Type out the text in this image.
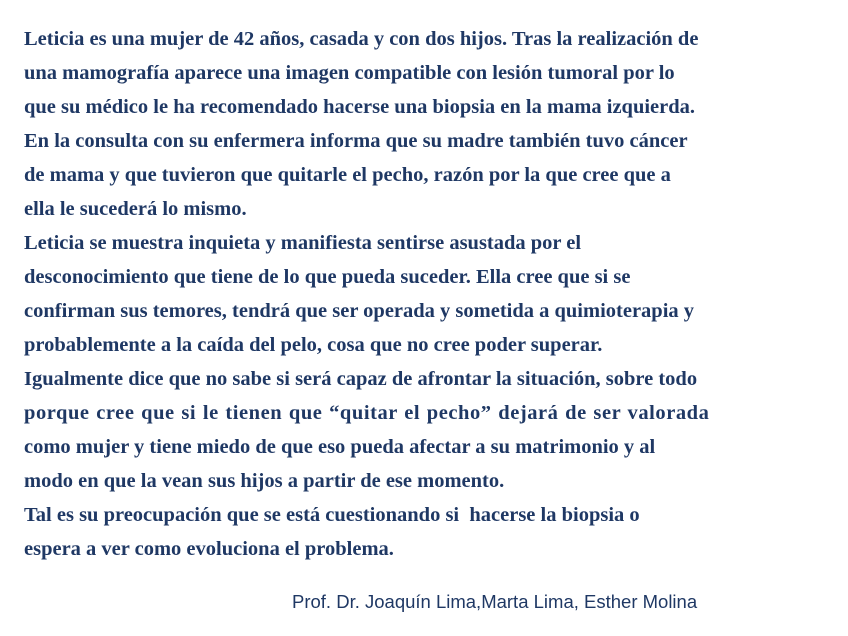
Leticia es una mujer de 42 años, casada y con dos hijos. Tras la realización de
una mamografía aparece una imagen compatible con lesión tumoral por lo
que su médico le ha recomendado hacerse una biopsia en la mama izquierda.
En la consulta con su enfermera informa que su madre también tuvo cáncer
de mama y que tuvieron que quitarle el pecho, razón por la que cree que a
ella le sucederá lo mismo.
Leticia se muestra inquieta y manifiesta sentirse asustada por el
desconocimiento que tiene de lo que pueda suceder. Ella cree que si se
confirman sus temores, tendrá que ser operada y sometida a quimioterapia y
probablemente a la caída del pelo, cosa que no cree poder superar.
Igualmente dice que no sabe si será capaz de afrontar la situación, sobre todo
porque cree que si le tienen que “quitar el pecho” dejará de ser valorada
como mujer y tiene miedo de que eso pueda afectar a su matrimonio y al
modo en que la vean sus hijos a partir de ese momento.
Tal es su preocupación que se está cuestionando si  hacerse la biopsia o
espera a ver como evoluciona el problema.

Prof. Dr. Joaquín Lima,Marta Lima, Esther Molina
